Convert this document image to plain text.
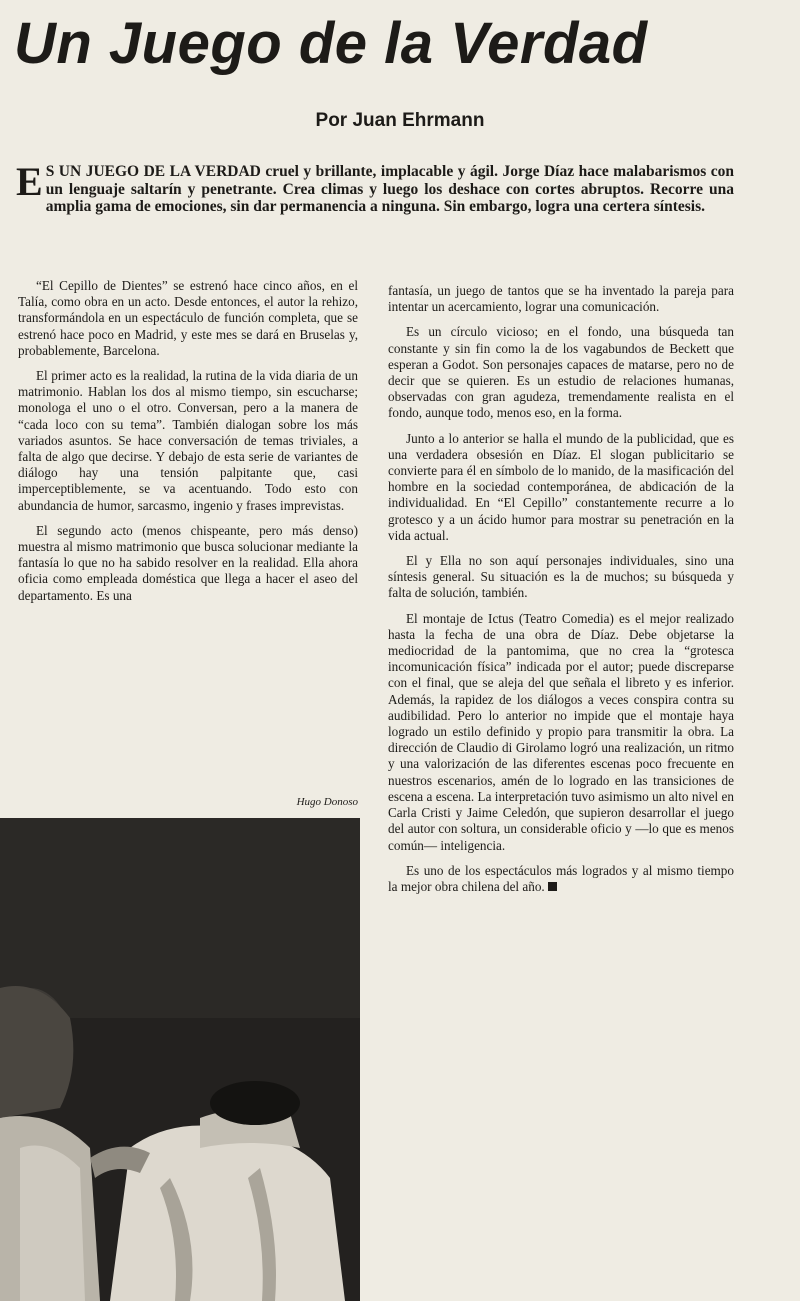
Un Juego de la Verdad
Por Juan Ehrmann

E S UN JUEGO DE LA VERDAD cruel y brillante, implacable y ágil. Jorge Díaz hace malabarismos con un lenguaje saltarín y penetrante. Crea climas y luego los deshace con cortes abruptos. Recorre una amplia gama de emociones, sin dar permanencia a ninguna. Sin embargo, logra una certera síntesis.

“El Cepillo de Dientes” se estrenó hace cinco años, en el Talía, como obra en un acto. Desde entonces, el autor la rehizo, transformándola en un espectáculo de función completa, que se estrenó hace poco en Madrid, y este mes se dará en Bruselas y, probablemente, Barcelona.

El primer acto es la realidad, la rutina de la vida diaria de un matrimonio. Hablan los dos al mismo tiempo, sin escucharse; monologa el uno o el otro. Conversan, pero a la manera de “cada loco con su tema”. También dialogan sobre los más variados asuntos. Se hace conversación de temas triviales, a falta de algo que decirse. Y debajo de esta serie de variantes de diálogo hay una tensión palpitante que, casi imperceptiblemente, se va acentuando. Todo esto con abundancia de humor, sarcasmo, ingenio y frases imprevistas.

El segundo acto (menos chispeante, pero más denso) muestra al mismo matrimonio que busca solucionar mediante la fantasía lo que no ha sabido resolver en la realidad. Ella ahora oficia como empleada doméstica que llega a hacer el aseo del departamento. Es una

Hugo Donoso

fantasía, un juego de tantos que se ha inventado la pareja para intentar un acercamiento, lograr una comunicación.

Es un círculo vicioso; en el fondo, una búsqueda tan constante y sin fin como la de los vagabundos de Beckett que esperan a Godot. Son personajes capaces de matarse, pero no de decir que se quieren. Es un estudio de relaciones humanas, observadas con gran agudeza, tremendamente realista en el fondo, aunque todo, menos eso, en la forma.

Junto a lo anterior se halla el mundo de la publicidad, que es una verdadera obsesión en Díaz. El slogan publicitario se convierte para él en símbolo de lo manido, de la masificación del hombre en la sociedad contemporánea, de abdicación de la individualidad. En “El Cepillo” constantemente recurre a lo grotesco y a un ácido humor para mostrar su penetración en la vida actual.

El y Ella no son aquí personajes individuales, sino una síntesis general. Su situación es la de muchos; su búsqueda y falta de solución, también.

El montaje de Ictus (Teatro Comedia) es el mejor realizado hasta la fecha de una obra de Díaz. Debe objetarse la mediocridad de la pantomima, que no crea la “grotesca incomunicación física” indicada por el autor; puede discreparse con el final, que se aleja del que señala el libreto y es inferior. Además, la rapidez de los diálogos a veces conspira contra su audibilidad. Pero lo anterior no impide que el montaje haya logrado un estilo definido y propio para transmitir la obra. La dirección de Claudio di Girolamo logró una realización, un ritmo y una valorización de las diferentes escenas poco frecuente en nuestros escenarios, amén de lo logrado en las transiciones de escena a escena. La interpretación tuvo asimismo un alto nivel en Carla Cristi y Jaime Celedón, que supieron desarrollar el juego del autor con soltura, un considerable oficio y —lo que es menos común— inteligencia.

Es uno de los espectáculos más logrados y al mismo tiempo la mejor obra chilena del año.
